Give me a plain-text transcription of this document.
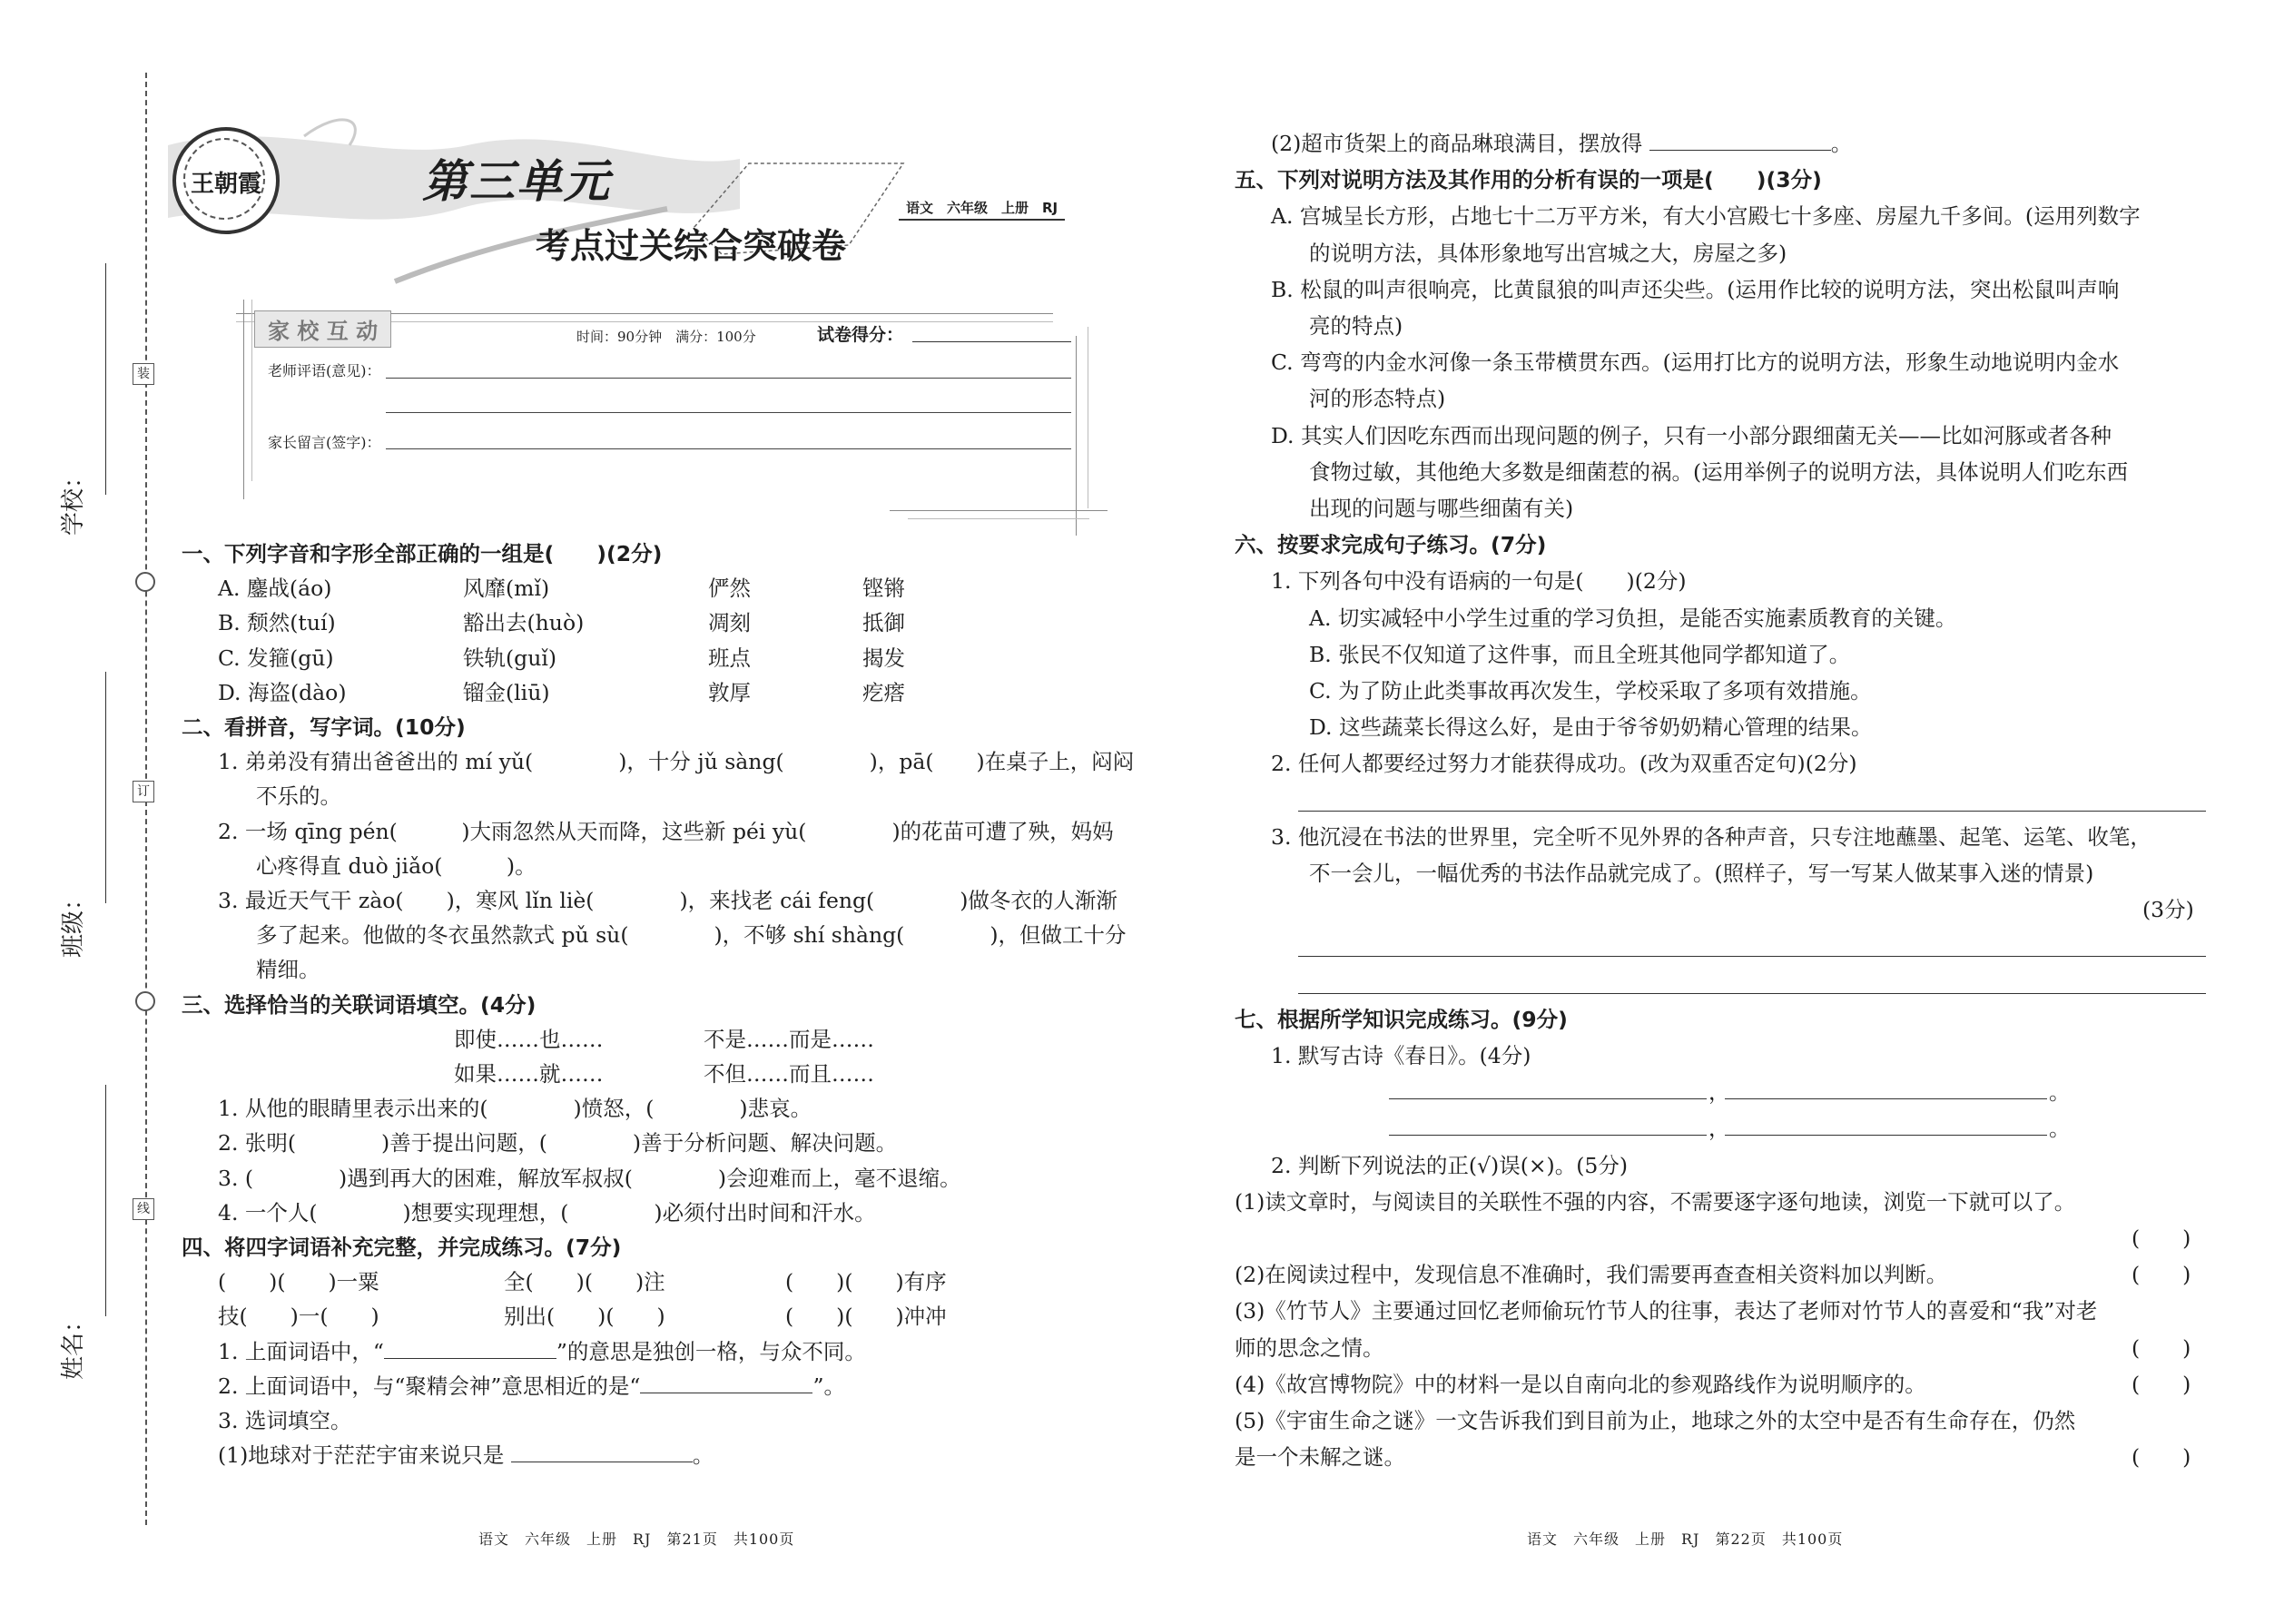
装
订
线
学校：
班级：
姓名：
王朝霞	第三单元
考点过关综合突破卷
语文　六年级　上册　RJ
家 校 互 动	时间：90分钟　满分：100分	试卷得分：
老师评语(意见)：
家长留言(签字)：
语文　六年级　上册　RJ　第21页　共100页	语文　六年级　上册　RJ　第22页　共100页
一、下列字音和字形全部正确的一组是(　　)(2分)
A. 鏖战(áo)	风靡(mǐ)	俨然	铿锵
B. 颓然(tuí)	豁出去(huò)	凋刻	抵御
C. 发箍(gū)	铁轨(guǐ)	班点	揭发
D. 海盗(dào)	镏金(liū)	敦厚	疙瘩
二、看拼音，写字词。(10分)
1. 弟弟没有猜出爸爸出的 mí yǔ(　　　　)，十分 jǔ sàng(　　　　)，pā(　　)在桌子上，闷闷
不乐的。
2. 一场 qīng pén(　　　)大雨忽然从天而降，这些新 péi yù(　　　　)的花苗可遭了殃，妈妈
心疼得直 duò jiǎo(　　　)。
3. 最近天气干 zào(　　)，寒风 lǐn liè(　　　　)，来找老 cái feng(　　　　)做冬衣的人渐渐
多了起来。他做的冬衣虽然款式 pǔ sù(　　　　)，不够 shí shàng(　　　　)，但做工十分
精细。
三、选择恰当的关联词语填空。(4分)
即使……也……	不是……而是……
如果……就……	不但……而且……
1. 从他的眼睛里表示出来的(　　　　)愤怒，(　　　　)悲哀。
2. 张明(　　　　)善于提出问题，(　　　　)善于分析问题、解决问题。
3. (　　　　)遇到再大的困难，解放军叔叔(　　　　)会迎难而上，毫不退缩。
4. 一个人(　　　　)想要实现理想，(　　　　)必须付出时间和汗水。
四、将四字词语补充完整，并完成练习。(7分)
(　　)(　　)一粟	全(　　)(　　)注	(　　)(　　)有序
技(　　)一(　　)	别出(　　)(　　)	(　　)(　　)冲冲
1. 上面词语中，“	”的意思是独创一格，与众不同。
2. 上面词语中，与“聚精会神”意思相近的是“	”。
3. 选词填空。
(1)地球对于茫茫宇宙来说只是	。
(2)超市货架上的商品琳琅满目，摆放得	。
五、下列对说明方法及其作用的分析有误的一项是(　　)(3分)
A. 宫城呈长方形，占地七十二万平方米，有大小宫殿七十多座、房屋九千多间。(运用列数字
的说明方法，具体形象地写出宫城之大，房屋之多)
B. 松鼠的叫声很响亮，比黄鼠狼的叫声还尖些。(运用作比较的说明方法，突出松鼠叫声响
亮的特点)
C. 弯弯的内金水河像一条玉带横贯东西。(运用打比方的说明方法，形象生动地说明内金水
河的形态特点)
D. 其实人们因吃东西而出现问题的例子，只有一小部分跟细菌无关——比如河豚或者各种
食物过敏，其他绝大多数是细菌惹的祸。(运用举例子的说明方法，具体说明人们吃东西
出现的问题与哪些细菌有关)
六、按要求完成句子练习。(7分)
1. 下列各句中没有语病的一句是(　　)(2分)
A. 切实减轻中小学生过重的学习负担，是能否实施素质教育的关键。
B. 张民不仅知道了这件事，而且全班其他同学都知道了。
C. 为了防止此类事故再次发生，学校采取了多项有效措施。
D. 这些蔬菜长得这么好，是由于爷爷奶奶精心管理的结果。
2. 任何人都要经过努力才能获得成功。(改为双重否定句)(2分)
3. 他沉浸在书法的世界里，完全听不见外界的各种声音，只专注地蘸墨、起笔、运笔、收笔，
不一会儿，一幅优秀的书法作品就完成了。(照样子，写一写某人做某事入迷的情景)
(3分)
七、根据所学知识完成练习。(9分)
1. 默写古诗《春日》。(4分)
，	。
，	。
2. 判断下列说法的正(√)误(×)。(5分)
(1)读文章时，与阅读目的关联性不强的内容，不需要逐字逐句地读，浏览一下就可以了。
(　　)
(2)在阅读过程中，发现信息不准确时，我们需要再查查相关资料加以判断。	(　　)
(3)《竹节人》主要通过回忆老师偷玩竹节人的往事，表达了老师对竹节人的喜爱和“我”对老
师的思念之情。	(　　)
(4)《故宫博物院》中的材料一是以自南向北的参观路线作为说明顺序的。	(　　)
(5)《宇宙生命之谜》一文告诉我们到目前为止，地球之外的太空中是否有生命存在，仍然
是一个未解之谜。	(　　)
